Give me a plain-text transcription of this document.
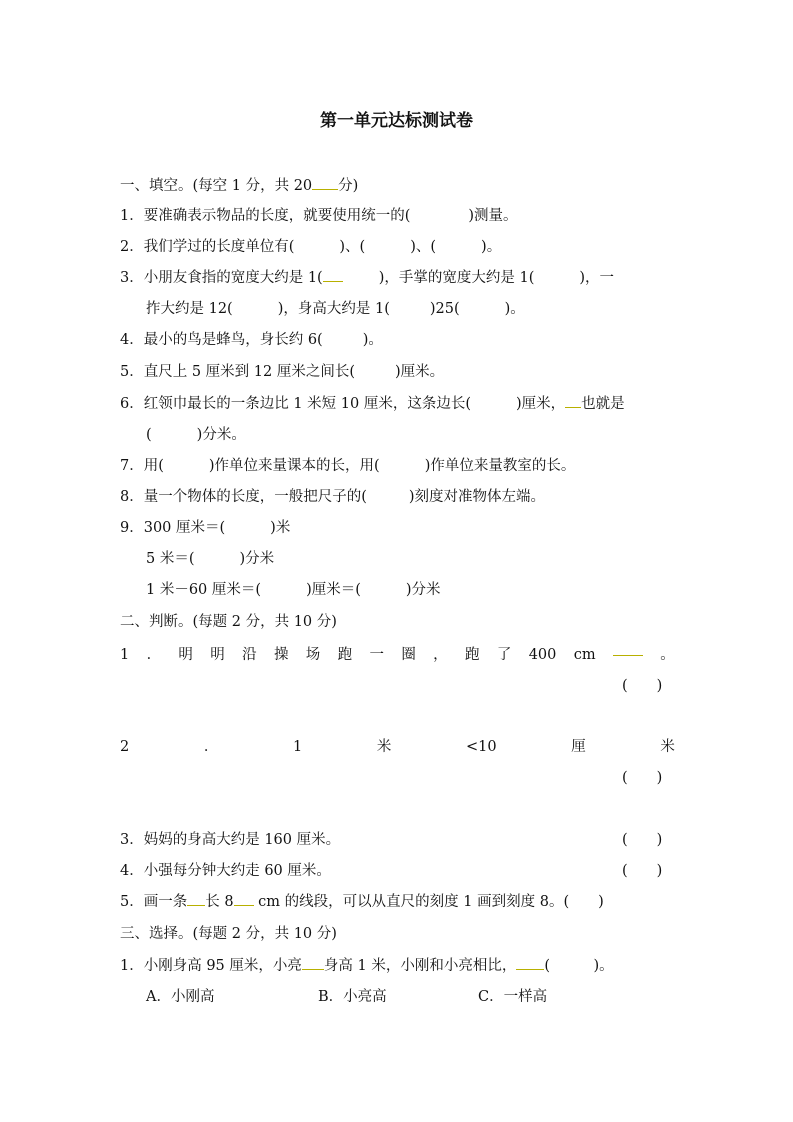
第一单元达标测试卷
一、填空。(每空 1 分，共 20 分)
1．要准确表示物品的长度，就要使用统一的(	)测量。
2．我们学过的长度单位有(	)、(	)、(	)。
3．小朋友食指的宽度大约是 1(	)，手掌的宽度大约是 1(	)，一
拃大约是 12(	)，身高大约是 1(	)25(	)。
4．最小的鸟是蜂鸟，身长约 6(	)。
5．直尺上 5 厘米到 12 厘米之间长(	)厘米。
6．红领巾最长的一条边比 1 米短 10 厘米，这条边长(	)厘米， 也就是
(	)分米。
7．用(	)作单位来量课本的长，用(	)作单位来量教室的长。
8．量一个物体的长度，一般把尺子的(	)刻度对准物体左端。
9．300 厘米＝(	)米
5 米＝(	)分米
1 米－60 厘米＝(	)厘米＝(	)分米
二、判断。(每题 2 分，共 10 分)
1 ． 明 明 沿 操 场 跑 一 圈 ， 跑 了 400 cm	。
(　　)
2	．	1	米	<10	厘	米
(　　)
3．妈妈的身高大约是 160 厘米。	(　　)
4．小强每分钟大约走 60 厘米。	(　　)
5．画一条 长 8 cm 的线段，可以从直尺的刻度 1 画到刻度 8。(　　)
三、选择。(每题 2 分，共 10 分)
1．小刚身高 95 厘米，小亮 身高 1 米，小刚和小亮相比， (　　　)。
A．小刚高	B．小亮高	C．一样高
